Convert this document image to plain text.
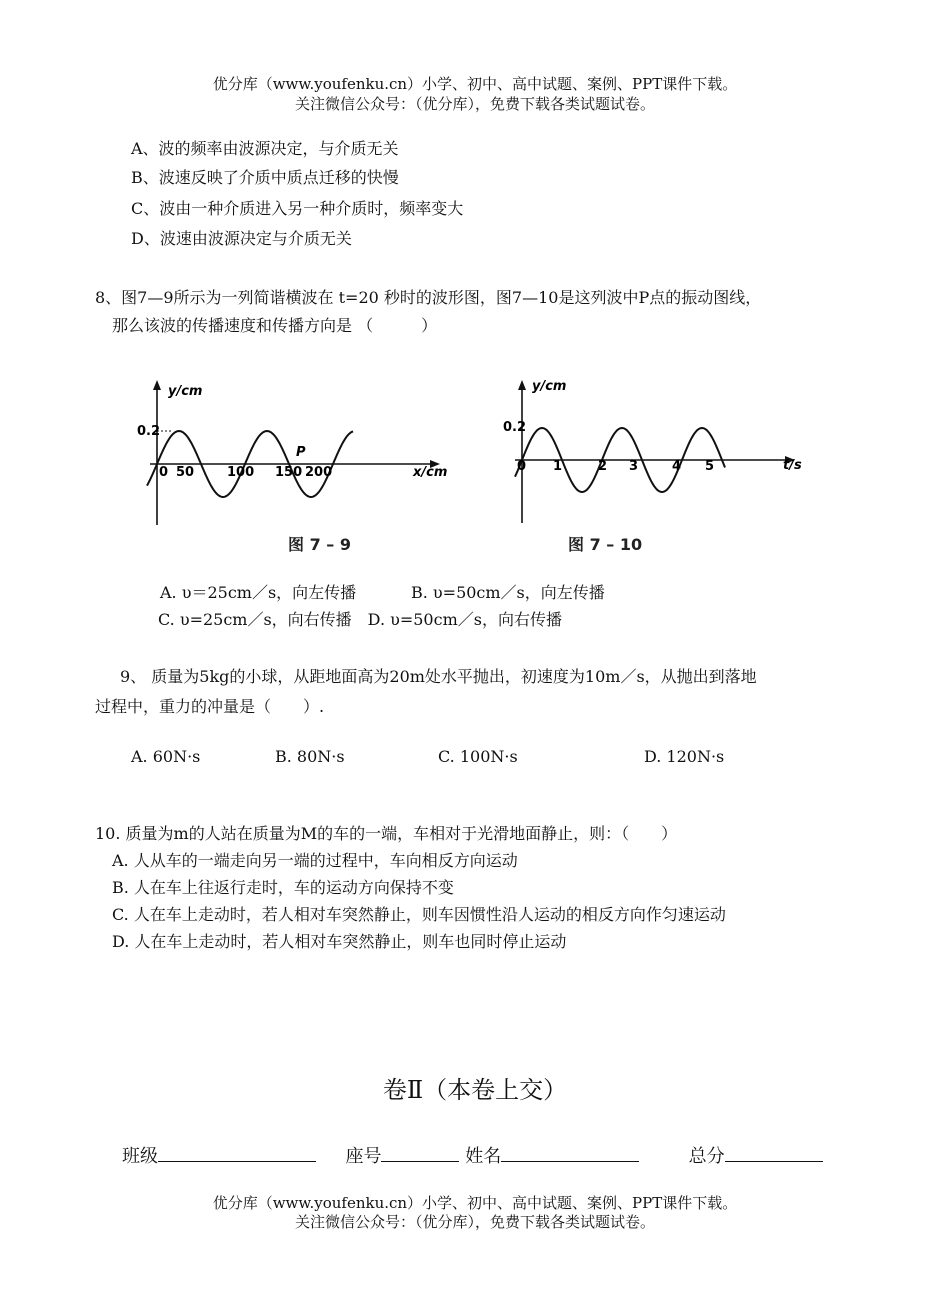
优分库（www.youfenku.cn）小学、初中、高中试题、案例、PPT课件下载。
关注微信公众号：（优分库），免费下载各类试题试卷。
A、波的频率由波源决定，与介质无关
B、波速反映了介质中质点迁移的快慢
C、波由一种介质进入另一种介质时，频率变大
D、波速由波源决定与介质无关
8、图7—9所示为一列简谐横波在 t=20 秒时的波形图，图7—10是这列波中P点的振动图线，
那么该波的传播速度和传播方向是 （　　　）
y/cm
x/cm
0.2
0 50	100 150 200
P
图 7 – 9
y/cm
t/s
0.2
0 1	2 3	4 5
图 7 – 10
A. υ＝25cm／s，向左传播	B. υ=50cm／s，向左传播
C. υ=25cm／s，向右传播　D. υ=50cm／s，向右传播
9、 质量为5kg的小球，从距地面高为20m处水平抛出，初速度为10m／s，从抛出到落地
过程中，重力的冲量是（　　）.
A. 60N·s	B. 80N·s	C. 100N·s	D. 120N·s
10. 质量为m的人站在质量为M的车的一端，车相对于光滑地面静止，则：（　　）
A. 人从车的一端走向另一端的过程中，车向相反方向运动
B. 人在车上往返行走时，车的运动方向保持不变
C. 人在车上走动时，若人相对车突然静止，则车因惯性沿人运动的相反方向作匀速运动
D. 人在车上走动时，若人相对车突然静止，则车也同时停止运动
卷Ⅱ（本卷上交）
班级	座号	姓名	总分
优分库（www.youfenku.cn）小学、初中、高中试题、案例、PPT课件下载。
关注微信公众号：（优分库），免费下载各类试题试卷。
